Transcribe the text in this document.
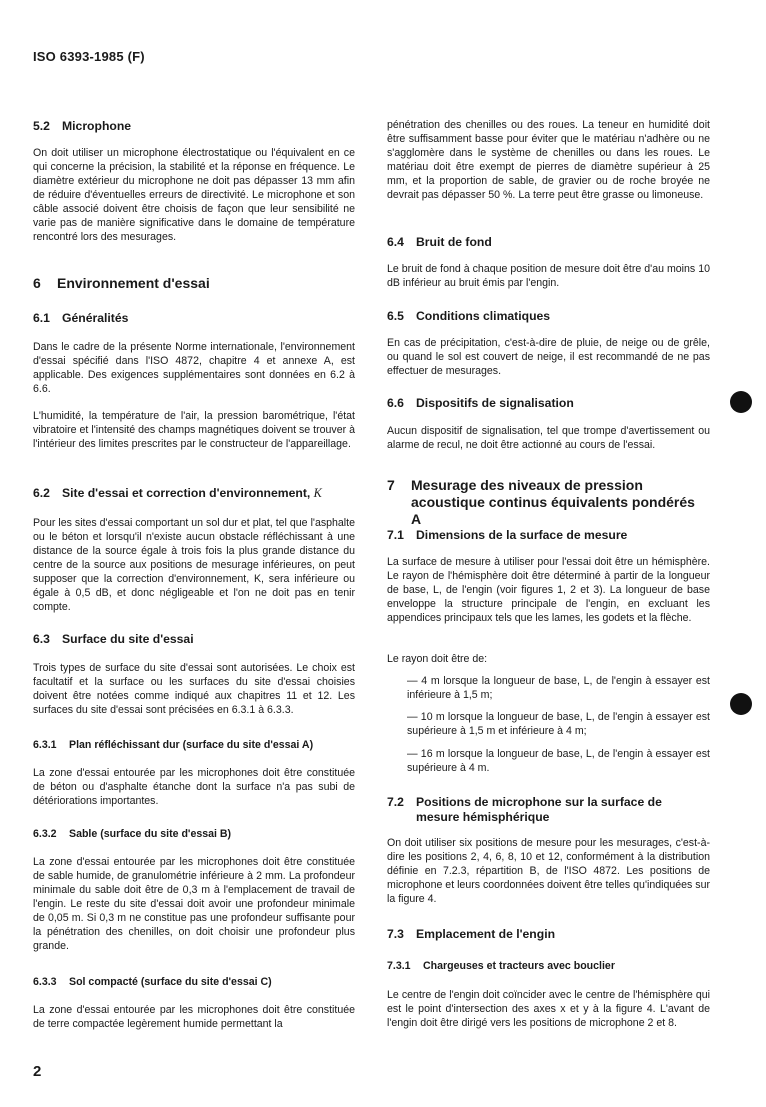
ISO 6393-1985 (F)

5.2 Microphone

On doit utiliser un microphone électrostatique ou l'équivalent en ce qui concerne la précision, la stabilité et la réponse en fréquence. Le diamètre extérieur du microphone ne doit pas dépasser 13 mm afin de réduire d'éventuelles erreurs de directivité. Le microphone et son câble associé doivent être choisis de façon que leur sensibilité ne varie pas de manière significative dans le domaine de température rencontré lors des mesurages.

6 Environnement d'essai

6.1 Généralités

Dans le cadre de la présente Norme internationale, l'environnement d'essai spécifié dans l'ISO 4872, chapitre 4 et annexe A, est applicable. Des exigences supplémentaires sont données en 6.2 à 6.6.

L'humidité, la température de l'air, la pression barométrique, l'état vibratoire et l'intensité des champs magnétiques doivent se trouver à l'intérieur des limites prescrites par le constructeur de l'appareillage.

6.2 Site d'essai et correction d'environnement, K

Pour les sites d'essai comportant un sol dur et plat, tel que l'asphalte ou le béton et lorsqu'il n'existe aucun obstacle réfléchissant à une distance de la source égale à trois fois la plus grande distance du centre de la source aux positions de mesurage inférieures, on peut supposer que la correction d'environnement, K, sera inférieure ou égale à 0,5 dB, et donc négligeable et l'on ne doit pas en tenir compte.

6.3 Surface du site d'essai

Trois types de surface du site d'essai sont autorisées. Le choix est facultatif et la surface ou les surfaces du site d'essai choisies doivent être notées comme indiqué aux chapitres 11 et 12. Les surfaces du site d'essai sont précisées en 6.3.1 à 6.3.3.

6.3.1 Plan réfléchissant dur (surface du site d'essai A)

La zone d'essai entourée par les microphones doit être constituée de béton ou d'asphalte étanche dont la surface n'a pas subi de détériorations importantes.

6.3.2 Sable (surface du site d'essai B)

La zone d'essai entourée par les microphones doit être constituée de sable humide, de granulométrie inférieure à 2 mm. La profondeur minimale du sable doit être de 0,3 m à l'emplacement de travail de l'engin. Le reste du site d'essai doit avoir une profondeur minimale de 0,05 m. Si 0,3 m ne constitue pas une profondeur suffisante pour la pénétration des chenilles, on doit choisir une profondeur plus grande.

6.3.3 Sol compacté (surface du site d'essai C)

La zone d'essai entourée par les microphones doit être constituée de terre compactée legèrement humide permettant la

pénétration des chenilles ou des roues. La teneur en humidité doit être suffisamment basse pour éviter que le matériau n'adhère ou ne s'agglomère dans le système de chenilles ou dans les roues. Le matériau doit être exempt de pierres de diamètre supérieur à 25 mm, et la proportion de sable, de gravier ou de roche broyée ne devrait pas dépasser 50 %. La terre peut être grasse ou limoneuse.

6.4 Bruit de fond

Le bruit de fond à chaque position de mesure doit être d'au moins 10 dB inférieur au bruit émis par l'engin.

6.5 Conditions climatiques

En cas de précipitation, c'est-à-dire de pluie, de neige ou de grêle, ou quand le sol est couvert de neige, il est recommandé de ne pas effectuer de mesurages.

6.6 Dispositifs de signalisation

Aucun dispositif de signalisation, tel que trompe d'avertissement ou alarme de recul, ne doit être actionné au cours de l'essai.

7 Mesurage des niveaux de pression acoustique continus équivalents pondérés A

7.1 Dimensions de la surface de mesure

La surface de mesure à utiliser pour l'essai doit être un hémisphère. Le rayon de l'hémisphère doit être déterminé à partir de la longueur de base, L, de l'engin (voir figures 1, 2 et 3). La longueur de base enveloppe la structure principale de l'engin, en excluant les appendices principaux tels que les lames, les godets et la flèche.

Le rayon doit être de:

— 4 m lorsque la longueur de base, L, de l'engin à essayer est inférieure à 1,5 m;

— 10 m lorsque la longueur de base, L, de l'engin à essayer est supérieure à 1,5 m et inférieure à 4 m;

— 16 m lorsque la longueur de base, L, de l'engin à essayer est supérieure à 4 m.

7.2 Positions de microphone sur la surface de mesure hémisphérique

On doit utiliser six positions de mesure pour les mesurages, c'est-à-dire les positions 2, 4, 6, 8, 10 et 12, conformément à la distribution définie en 7.2.3, répartition B, de l'ISO 4872. Les positions de microphone et leurs coordonnées doivent être telles qu'indiquées sur la figure 4.

7.3 Emplacement de l'engin

7.3.1 Chargeuses et tracteurs avec bouclier

Le centre de l'engin doit coïncider avec le centre de l'hémisphère qui est le point d'intersection des axes x et y à la figure 4. L'avant de l'engin doit être dirigé vers les positions de microphone 2 et 8.

2
